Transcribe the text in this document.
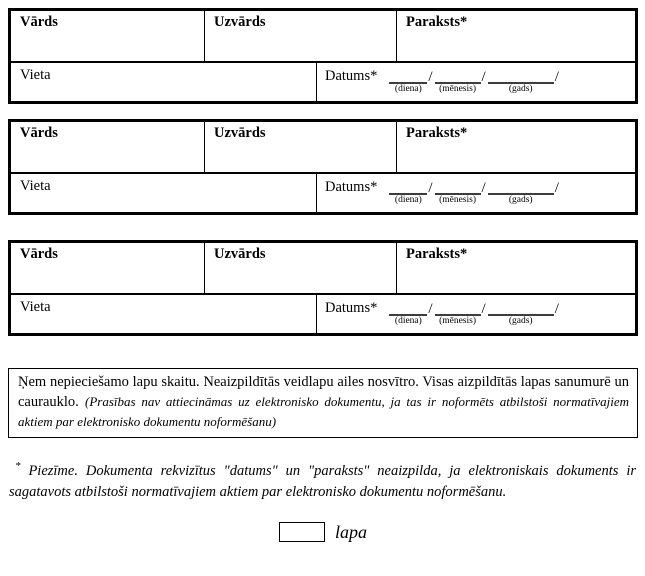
Vārds	Uzvārds	Paraksts*
Vieta	Datums*
(diena)
/
(mēnesis)
/
(gads)
/
Vārds	Uzvārds	Paraksts*
Vieta	Datums*
(diena)
/
(mēnesis)
/
(gads)
/
Vārds	Uzvārds	Paraksts*
Vieta	Datums*
(diena)
/
(mēnesis)
/
(gads)
/
Ņem nepieciešamo lapu skaitu. Neaizpildītās veidlapu ailes nosvītro. Visas aizpildītās lapas sanumurē un caurauklo. (Prasības nav attiecināmas uz elektronisko dokumentu, ja tas ir noformēts atbilstoši normatīvajiem aktiem par elektronisko dokumentu noformēšanu)

* Piezīme. Dokumenta rekvizītus "datums" un "paraksts" neaizpilda, ja elektroniskais dokuments ir sagatavots atbilstoši normatīvajiem aktiem par elektronisko dokumentu noformēšanu.

lapa
